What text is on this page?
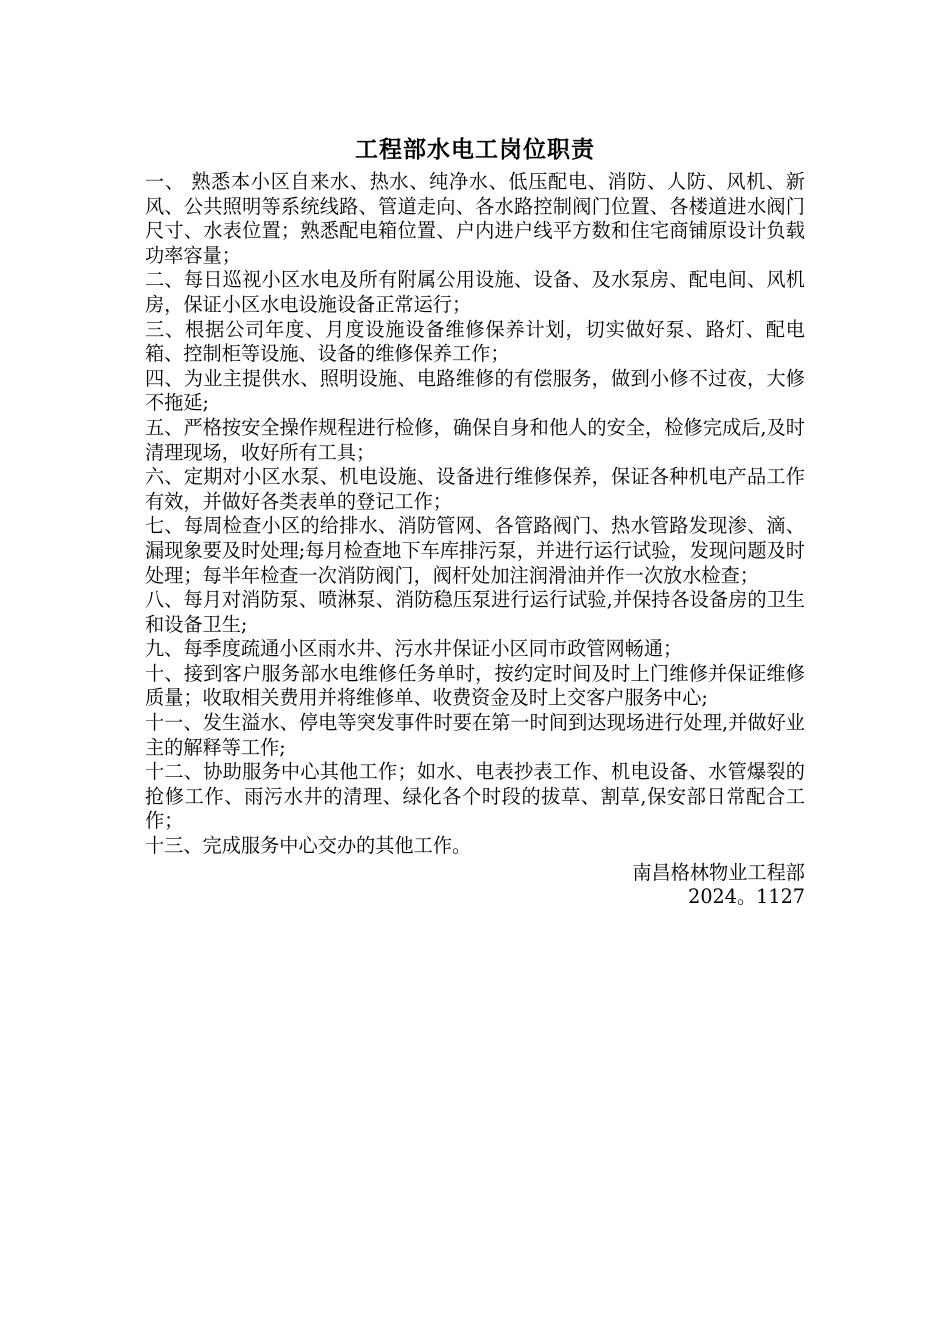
工程部水电工岗位职责

一、 熟悉本小区自来水、热水、纯净水、低压配电、消防、人防、风机、新风、公共照明等系统线路、管道走向、各水路控制阀门位置、各楼道进水阀门尺寸、水表位置；熟悉配电箱位置、户内进户线平方数和住宅商铺原设计负载功率容量；

二、每日巡视小区水电及所有附属公用设施、设备、及水泵房、配电间、风机房，保证小区水电设施设备正常运行；

三、根据公司年度、月度设施设备维修保养计划，切实做好泵、路灯、配电箱、控制柜等设施、设备的维修保养工作；

四、为业主提供水、照明设施、电路维修的有偿服务，做到小修不过夜，大修不拖延;

五、严格按安全操作规程进行检修，确保自身和他人的安全，检修完成后,及时清理现场，收好所有工具；

六、定期对小区水泵、机电设施、设备进行维修保养，保证各种机电产品工作有效，并做好各类表单的登记工作；

七、每周检查小区的给排水、消防管网、各管路阀门、热水管路发现渗、滴、漏现象要及时处理;每月检查地下车库排污泵，并进行运行试验，发现问题及时处理；每半年检查一次消防阀门，阀杆处加注润滑油并作一次放水检查；

八、每月对消防泵、喷淋泵、消防稳压泵进行运行试验,并保持各设备房的卫生和设备卫生;

九、每季度疏通小区雨水井、污水井保证小区同市政管网畅通；

十、接到客户服务部水电维修任务单时，按约定时间及时上门维修并保证维修质量；收取相关费用并将维修单、收费资金及时上交客户服务中心;

十一、发生溢水、停电等突发事件时要在第一时间到达现场进行处理,并做好业主的解释等工作;

十二、协助服务中心其他工作；如水、电表抄表工作、机电设备、水管爆裂的抢修工作、雨污水井的清理、绿化各个时段的拔草、割草,保安部日常配合工作；

十三、完成服务中心交办的其他工作。

南昌格林物业工程部
2024。1127
